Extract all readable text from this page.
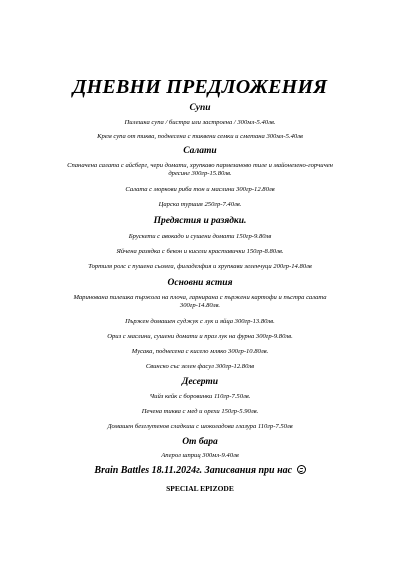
ДНЕВНИ ПРЕДЛОЖЕНИЯ
Супи
Пилешка супа / бистра или застроена / 300мл-5.40лв.
Крем супа от тиква, поднесена с тиквени семки и сметана 300мл-5.40лв
Салати
Спаначена салата с айсберг, чери домати, хрупкаво пармезаново тиле и майонезено-горчичен дресинг 300гр-15.80лв.
Салата с моркови риба тон и маслини 300гр-12.80лв
Царска туршия 250гр-7.40лв.
Предястия и разядки.
Брускети с авокадо и сушени домати 150гр-9.80лв
Яйчена разядка с бекон и кисели краставички 150гр-8.80лв.
Тортиля ролс с пушена сьомга, филаделфия и хрупкави зеленчуци 200гр-14.80лв
Основни ястия
Маринована пилешка пържола на плоча, гарнирана с пържени картофи и пъстра салата 300гр-14.80лв.
Пържен домашен суджук с лук и яйца 300гр-13.80лв.
Ориз с маслини, сушени домати и праз лук на фурна 300гр-9.80лв.
Мусака, поднесена с кисело мляко 300гр-10.80лв.
Свинско със зелен фасул 300гр-12.80лв
Десерти
Чийз кейк с боровинки 110гр-7.50лв.
Печена тиква с мед и орехи 150гр-5.90лв.
Домашен безглутенов сладкиш с шоколадова глазура 110гр-7.50лв
От бара
Аперол шприц 300мл-9.40лв
Brain Battles 18.11.2024г. Записвания при нас
SPECIAL EPIZODE
